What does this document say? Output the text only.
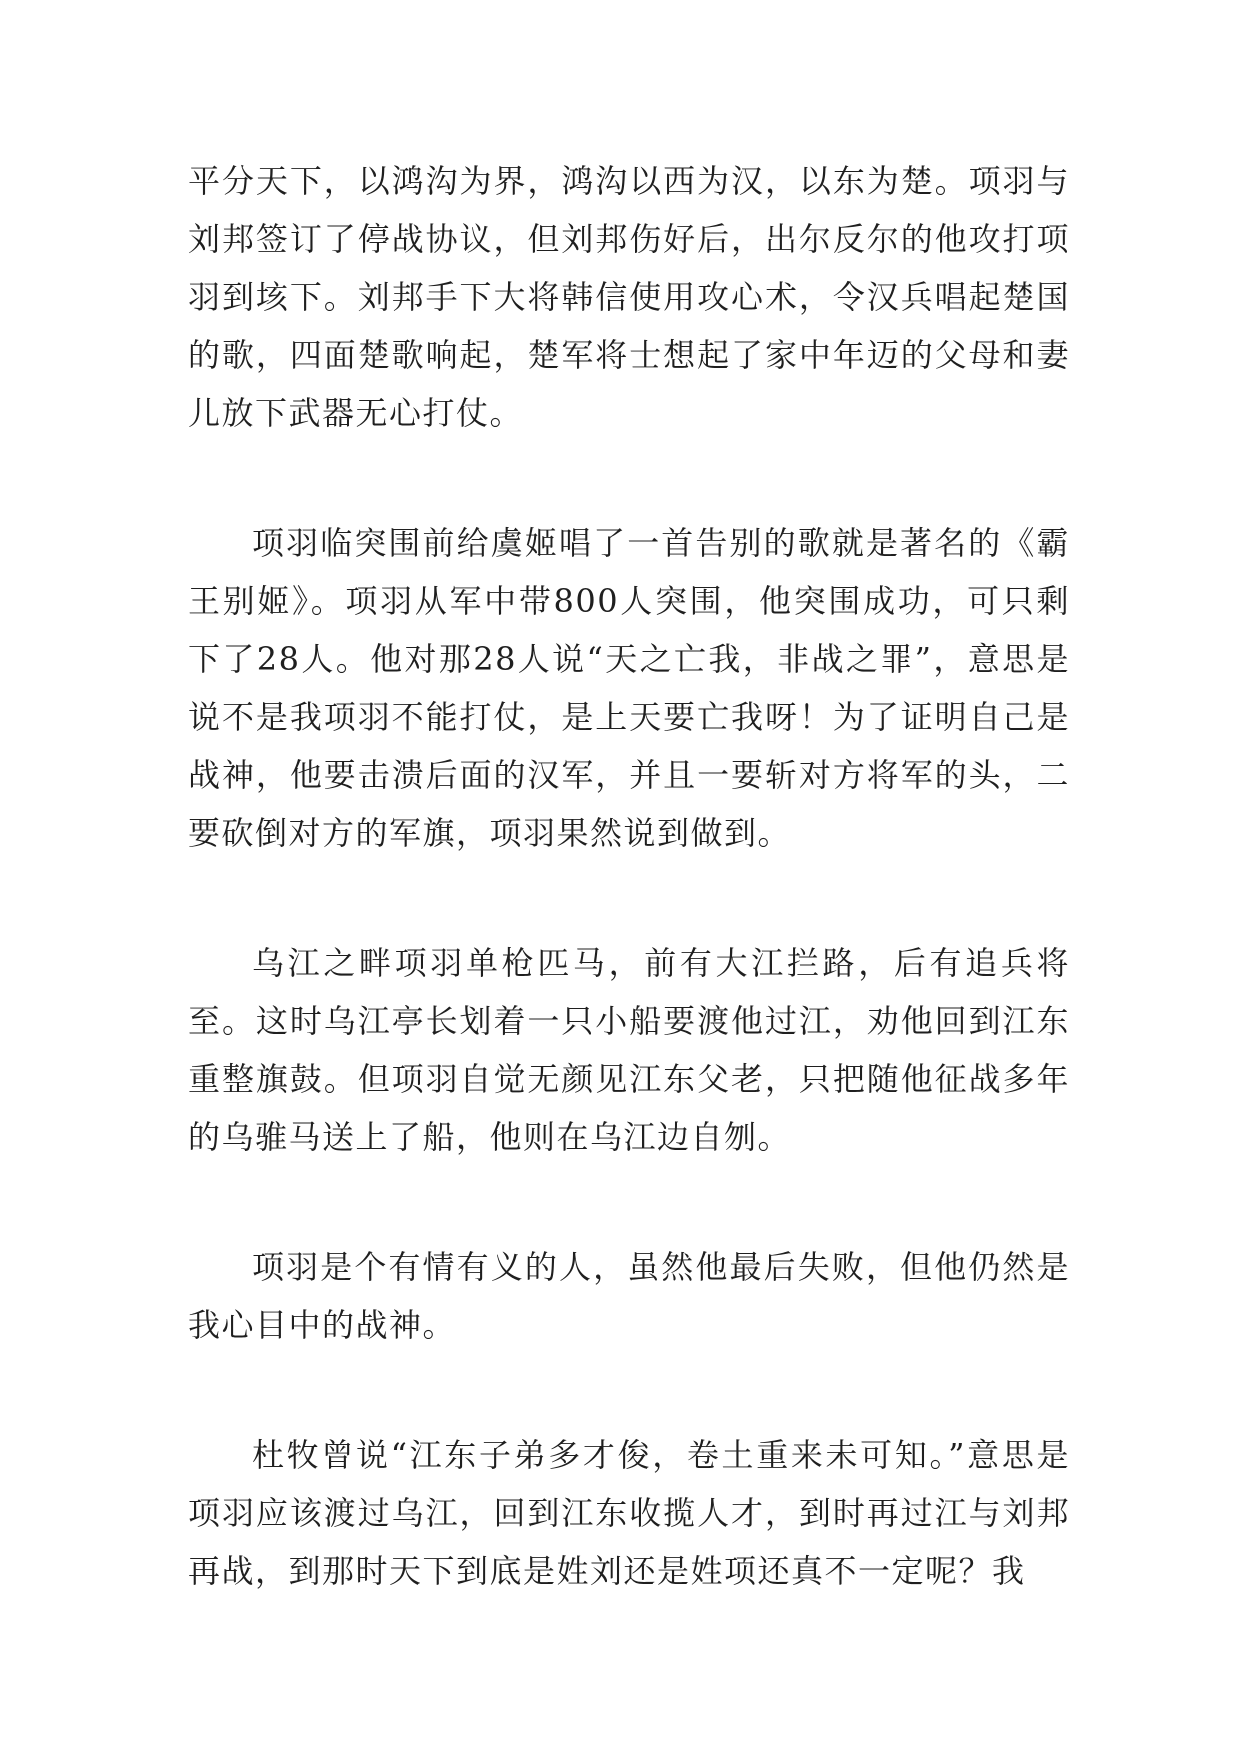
平分天下，以鸿沟为界，鸿沟以西为汉，以东为楚。项羽与刘邦签订了停战协议，但刘邦伤好后，出尔反尔的他攻打项羽到垓下。刘邦手下大将韩信使用攻心术，令汉兵唱起楚国的歌，四面楚歌响起，楚军将士想起了家中年迈的父母和妻儿放下武器无心打仗。

项羽临突围前给虞姬唱了一首告别的歌就是著名的《霸王别姬》。项羽从军中带800人突围，他突围成功，可只剩下了28人。他对那28人说“天之亡我，非战之罪”，意思是说不是我项羽不能打仗，是上天要亡我呀！为了证明自己是战神，他要击溃后面的汉军，并且一要斩对方将军的头，二要砍倒对方的军旗，项羽果然说到做到。

乌江之畔项羽单枪匹马，前有大江拦路，后有追兵将至。这时乌江亭长划着一只小船要渡他过江，劝他回到江东重整旗鼓。但项羽自觉无颜见江东父老，只把随他征战多年的乌骓马送上了船，他则在乌江边自刎。

项羽是个有情有义的人，虽然他最后失败，但他仍然是我心目中的战神。

杜牧曾说“江东子弟多才俊，卷土重来未可知。”意思是项羽应该渡过乌江，回到江东收揽人才，到时再过江与刘邦再战，到那时天下到底是姓刘还是姓项还真不一定呢？我
